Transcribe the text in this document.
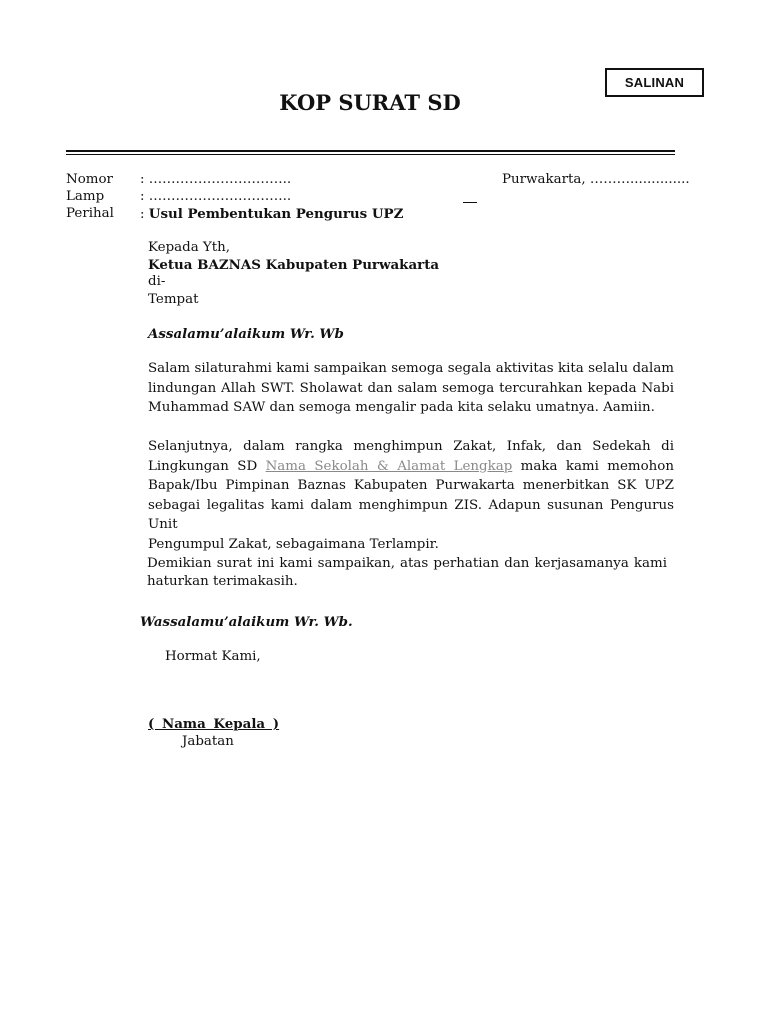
SALINAN
KOP SURAT SD
Nomor : …………………………..	Purwakarta, ………..............
Lamp	: …………………………..
Perihal : Usul Pembentukan Pengurus UPZ
Kepada Yth,
Ketua BAZNAS Kabupaten Purwakarta
di-
Tempat
Assalamu’alaikum Wr. Wb
Salam silaturahmi kami sampaikan semoga segala aktivitas kita selalu dalam
lindungan Allah SWT. Sholawat dan salam semoga tercurahkan kepada Nabi
Muhammad SAW dan semoga mengalir pada kita selaku umatnya. Aamiin.
Selanjutnya, dalam rangka menghimpun Zakat, Infak, dan Sedekah di
Lingkungan SD Nama Sekolah & Alamat Lengkap maka kami memohon
Bapak/Ibu Pimpinan Baznas Kabupaten Purwakarta menerbitkan SK UPZ
sebagai legalitas kami dalam menghimpun ZIS. Adapun susunan Pengurus Unit
Pengumpul Zakat, sebagaimana Terlampir.
Demikian surat ini kami sampaikan, atas perhatian dan kerjasamanya kami
haturkan terimakasih.
Wassalamu’alaikum Wr. Wb.
Hormat Kami,
( Nama Kepala )
Jabatan
